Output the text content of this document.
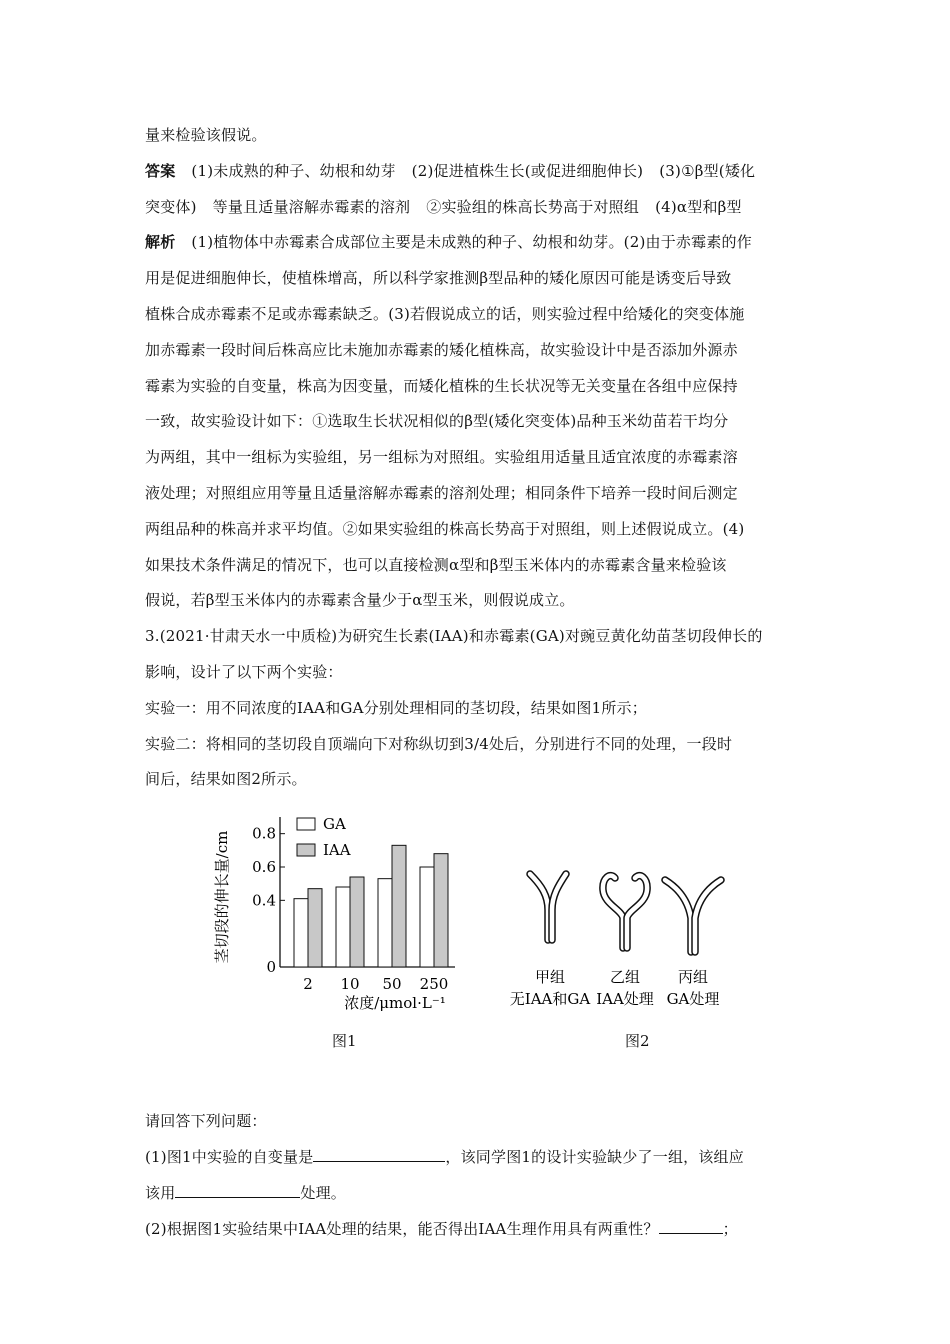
量来检验该假说。

答案 (1)未成熟的种子、幼根和幼芽 (2)促进植株生长(或促进细胞伸长) (3)①β型(矮化

突变体) 等量且适量溶解赤霉素的溶剂 ②实验组的株高长势高于对照组 (4)α型和β型

解析 (1)植物体中赤霉素合成部位主要是未成熟的种子、幼根和幼芽。(2)由于赤霉素的作

用是促进细胞伸长，使植株增高，所以科学家推测β型品种的矮化原因可能是诱变后导致

植株合成赤霉素不足或赤霉素缺乏。(3)若假说成立的话，则实验过程中给矮化的突变体施

加赤霉素一段时间后株高应比未施加赤霉素的矮化植株高，故实验设计中是否添加外源赤

霉素为实验的自变量，株高为因变量，而矮化植株的生长状况等无关变量在各组中应保持

一致，故实验设计如下：①选取生长状况相似的β型(矮化突变体)品种玉米幼苗若干均分

为两组，其中一组标为实验组，另一组标为对照组。实验组用适量且适宜浓度的赤霉素溶

液处理；对照组应用等量且适量溶解赤霉素的溶剂处理；相同条件下培养一段时间后测定

两组品种的株高并求平均值。②如果实验组的株高长势高于对照组，则上述假说成立。(4)

如果技术条件满足的情况下，也可以直接检测α型和β型玉米体内的赤霉素含量来检验该

假说，若β型玉米体内的赤霉素含量少于α型玉米，则假说成立。

3.(2021·甘肃天水一中质检)为研究生长素(IAA)和赤霉素(GA)对豌豆黄化幼苗茎切段伸长的

影响，设计了以下两个实验：

实验一：用不同浓度的IAA和GA分别处理相同的茎切段，结果如图1所示；

实验二：将相同的茎切段自顶端向下对称纵切到3/4处后，分别进行不同的处理，一段时

间后，结果如图2所示。

茎切段的伸长量/cm
0
0.4
0.6
0.8
2 10 50 250
GA
IAA
浓度/μmol·L⁻¹
甲组
无IAA和GA
乙组
IAA处理
丙组
GA处理
图1	图2

请回答下列问题：

(1)图1中实验的自变量是	，该同学图1的设计实验缺少了一组，该组应

该用	处理。

(2)根据图1实验结果中IAA处理的结果，能否得出IAA生理作用具有两重性？	；
